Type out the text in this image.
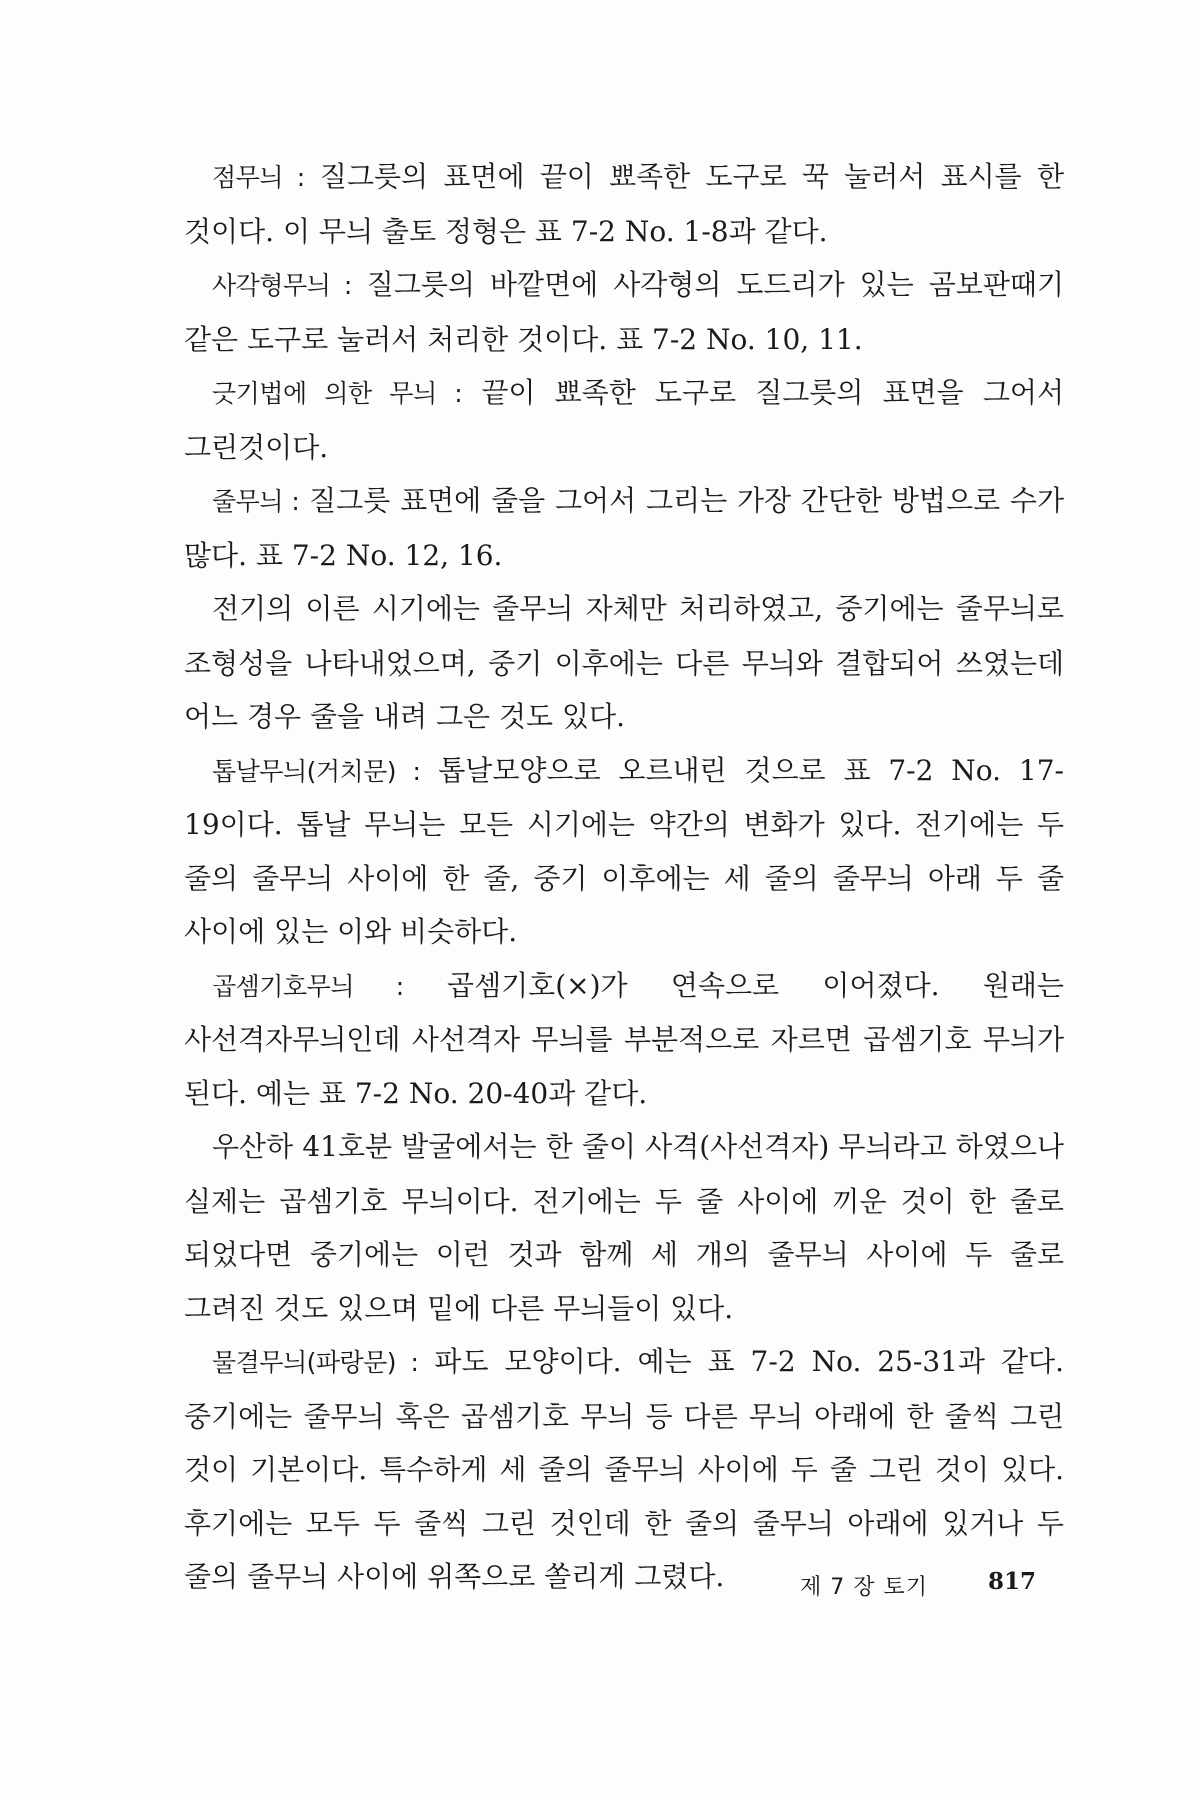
점무늬 : 질그릇의 표면에 끝이 뾰족한 도구로 꾹 눌러서 표시를 한 것이다. 이 무늬 출토 정형은 표 7-2 No. 1-8과 같다.

사각형무늬 : 질그릇의 바깥면에 사각형의 도드리가 있는 곰보판때기 같은 도구로 눌러서 처리한 것이다. 표 7-2 No. 10, 11.

긋기법에 의한 무늬 : 끝이 뾰족한 도구로 질그릇의 표면을 그어서 그린것이다.

줄무늬 : 질그릇 표면에 줄을 그어서 그리는 가장 간단한 방법으로 수가 많다. 표 7-2 No. 12, 16.

전기의 이른 시기에는 줄무늬 자체만 처리하였고, 중기에는 줄무늬로 조형성을 나타내었으며, 중기 이후에는 다른 무늬와 결합되어 쓰였는데 어느 경우 줄을 내려 그은 것도 있다.

톱날무늬(거치문) : 톱날모양으로 오르내린 것으로 표 7-2 No. 17-19이다. 톱날 무늬는 모든 시기에는 약간의 변화가 있다. 전기에는 두 줄의 줄무늬 사이에 한 줄, 중기 이후에는 세 줄의 줄무늬 아래 두 줄 사이에 있는 이와 비슷하다.

곱셈기호무늬 : 곱셈기호(×)가 연속으로 이어졌다. 원래는 사선격자무늬인데 사선격자 무늬를 부분적으로 자르면 곱셈기호 무늬가 된다. 예는 표 7-2 No. 20-40과 같다.

우산하 41호분 발굴에서는 한 줄이 사격(사선격자) 무늬라고 하였으나 실제는 곱셈기호 무늬이다. 전기에는 두 줄 사이에 끼운 것이 한 줄로 되었다면 중기에는 이런 것과 함께 세 개의 줄무늬 사이에 두 줄로 그려진 것도 있으며 밑에 다른 무늬들이 있다.

물결무늬(파랑문) : 파도 모양이다. 예는 표 7-2 No. 25-31과 같다. 중기에는 줄무늬 혹은 곱셈기호 무늬 등 다른 무늬 아래에 한 줄씩 그린 것이 기본이다. 특수하게 세 줄의 줄무늬 사이에 두 줄 그린 것이 있다. 후기에는 모두 두 줄씩 그린 것인데 한 줄의 줄무늬 아래에 있거나 두 줄의 줄무늬 사이에 위쪽으로 쏠리게 그렸다.	제 7 장 토기	817
